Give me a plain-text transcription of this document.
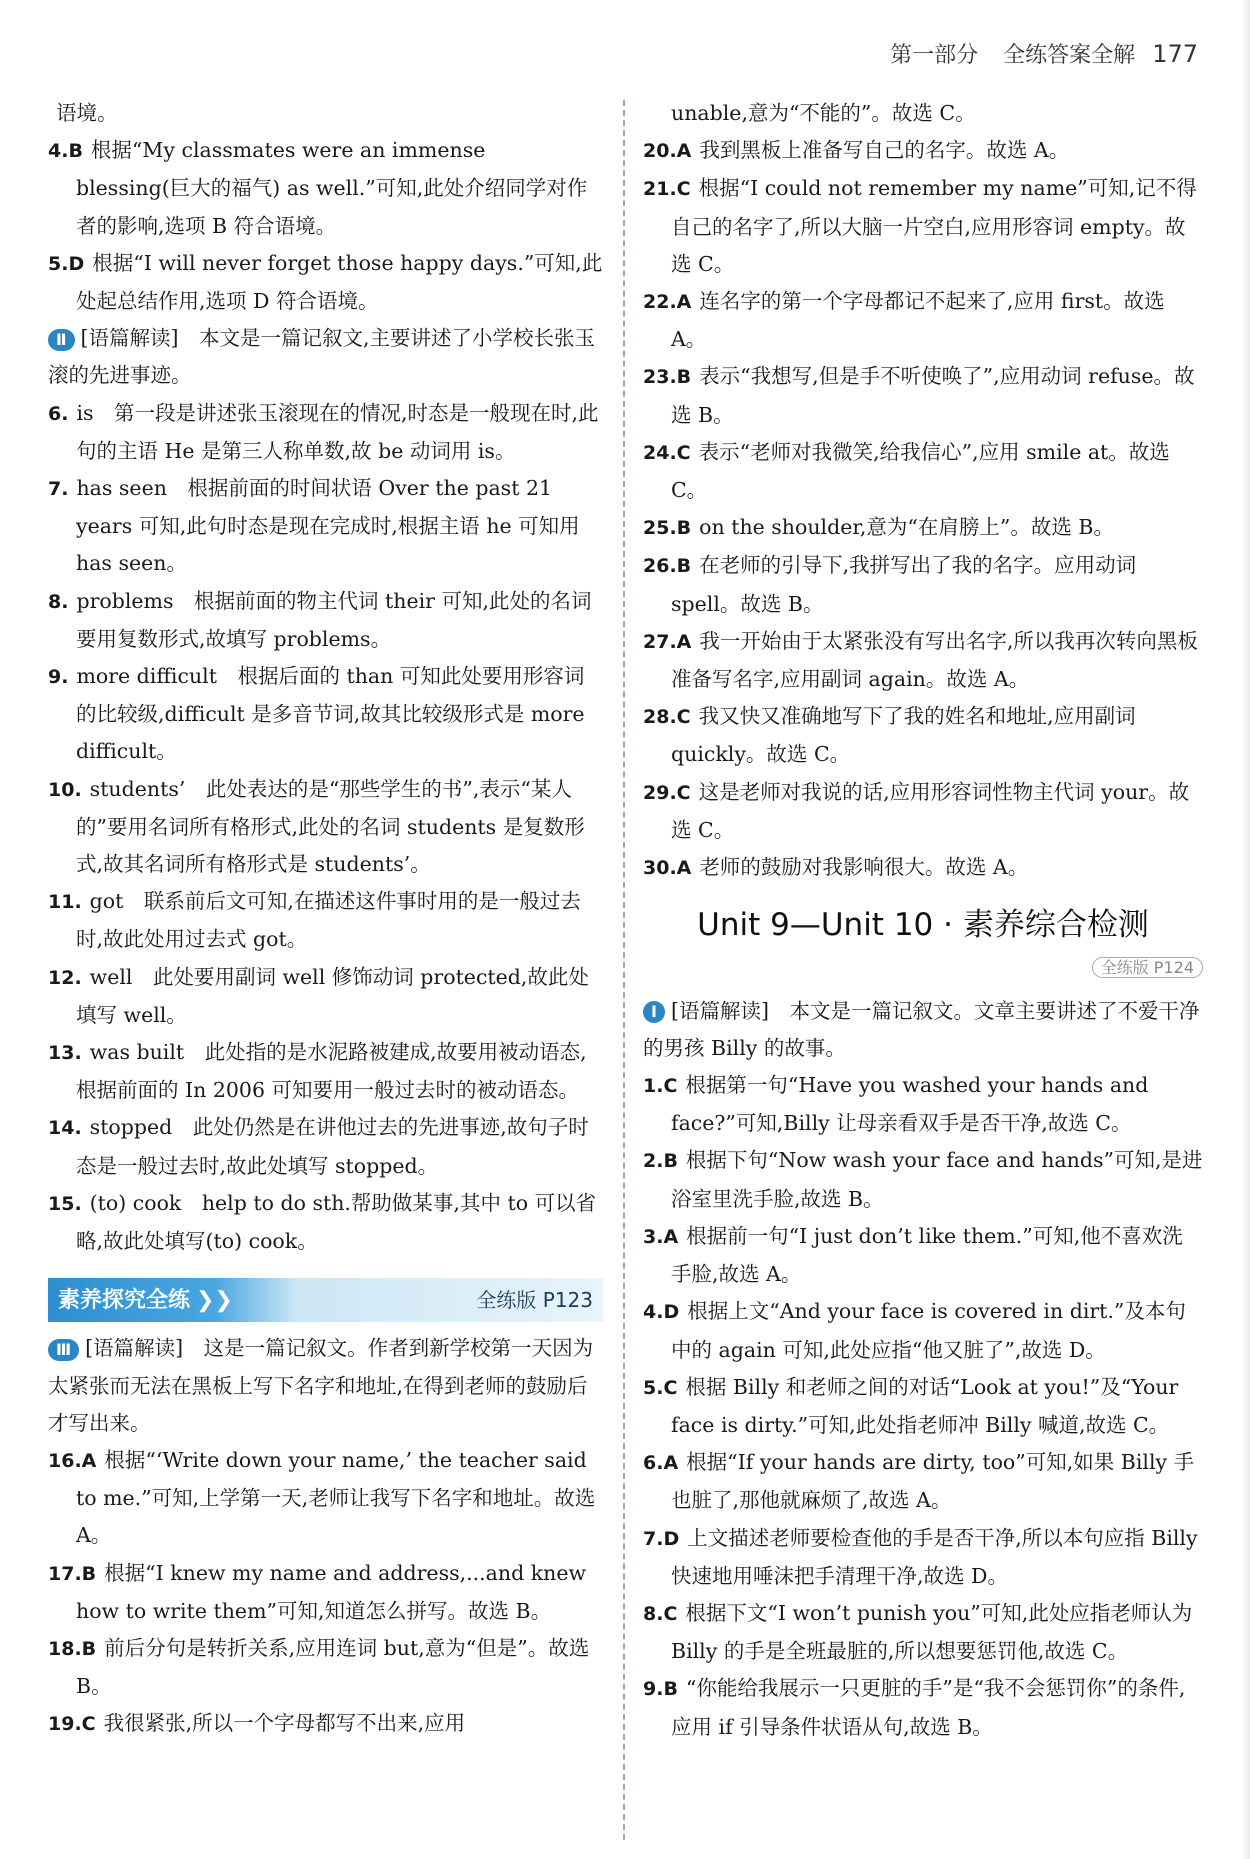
第一部分 全练答案全解 177

语境。

4.B 根据“My classmates were an immense blessing(巨大的福气) as well.”可知,此处介绍同学对作者的影响,选项 B 符合语境。

5.D 根据“I will never forget those happy days.”可知,此处起总结作用,选项 D 符合语境。

Ⅱ [语篇解读]　本文是一篇记叙文,主要讲述了小学校长张玉滚的先进事迹。

6. is　第一段是讲述张玉滚现在的情况,时态是一般现在时,此句的主语 He 是第三人称单数,故 be 动词用 is。

7. has seen　根据前面的时间状语 Over the past 21 years 可知,此句时态是现在完成时,根据主语 he 可知用 has seen。

8. problems　根据前面的物主代词 their 可知,此处的名词要用复数形式,故填写 problems。

9. more difficult　根据后面的 than 可知此处要用形容词的比较级,difficult 是多音节词,故其比较级形式是 more difficult。

10. students’　此处表达的是“那些学生的书”,表示“某人的”要用名词所有格形式,此处的名词 students 是复数形式,故其名词所有格形式是 students’。

11. got　联系前后文可知,在描述这件事时用的是一般过去时,故此处用过去式 got。

12. well　此处要用副词 well 修饰动词 protected,故此处填写 well。

13. was built　此处指的是水泥路被建成,故要用被动语态,根据前面的 In 2006 可知要用一般过去时的被动语态。

14. stopped　此处仍然是在讲他过去的先进事迹,故句子时态是一般过去时,故此处填写 stopped。

15. (to) cook　help to do sth.帮助做某事,其中 to 可以省略,故此处填写(to) cook。

素养探究全练 ❯❯	全练版 P123

Ⅲ [语篇解读]　这是一篇记叙文。作者到新学校第一天因为太紧张而无法在黑板上写下名字和地址,在得到老师的鼓励后才写出来。

16.A 根据“‘Write down your name,’ the teacher said to me.”可知,上学第一天,老师让我写下名字和地址。故选 A。

17.B 根据“I knew my name and address,...and knew how to write them”可知,知道怎么拼写。故选 B。

18.B 前后分句是转折关系,应用连词 but,意为“但是”。故选 B。

19.C 我很紧张,所以一个字母都写不出来,应用

unable,意为“不能的”。故选 C。

20.A 我到黑板上准备写自己的名字。故选 A。

21.C 根据“I could not remember my name”可知,记不得自己的名字了,所以大脑一片空白,应用形容词 empty。故选 C。

22.A 连名字的第一个字母都记不起来了,应用 first。故选 A。

23.B 表示“我想写,但是手不听使唤了”,应用动词 refuse。故选 B。

24.C 表示“老师对我微笑,给我信心”,应用 smile at。故选 C。

25.B on the shoulder,意为“在肩膀上”。故选 B。

26.B 在老师的引导下,我拼写出了我的名字。应用动词 spell。故选 B。

27.A 我一开始由于太紧张没有写出名字,所以我再次转向黑板准备写名字,应用副词 again。故选 A。

28.C 我又快又准确地写下了我的姓名和地址,应用副词 quickly。故选 C。

29.C 这是老师对我说的话,应用形容词性物主代词 your。故选 C。

30.A 老师的鼓励对我影响很大。故选 A。

Unit 9—Unit 10 · 素养综合检测
全练版 P124

Ⅰ [语篇解读]　本文是一篇记叙文。文章主要讲述了不爱干净的男孩 Billy 的故事。

1.C 根据第一句“Have you washed your hands and face?”可知,Billy 让母亲看双手是否干净,故选 C。

2.B 根据下句“Now wash your face and hands”可知,是进浴室里洗手脸,故选 B。

3.A 根据前一句“I just don’t like them.”可知,他不喜欢洗手脸,故选 A。

4.D 根据上文“And your face is covered in dirt.”及本句中的 again 可知,此处应指“他又脏了”,故选 D。

5.C 根据 Billy 和老师之间的对话“Look at you!”及“Your face is dirty.”可知,此处指老师冲 Billy 喊道,故选 C。

6.A 根据“If your hands are dirty, too”可知,如果 Billy 手也脏了,那他就麻烦了,故选 A。

7.D 上文描述老师要检查他的手是否干净,所以本句应指 Billy 快速地用唾沫把手清理干净,故选 D。

8.C 根据下文“I won’t punish you”可知,此处应指老师认为 Billy 的手是全班最脏的,所以想要惩罚他,故选 C。

9.B “你能给我展示一只更脏的手”是“我不会惩罚你”的条件,应用 if 引导条件状语从句,故选 B。
